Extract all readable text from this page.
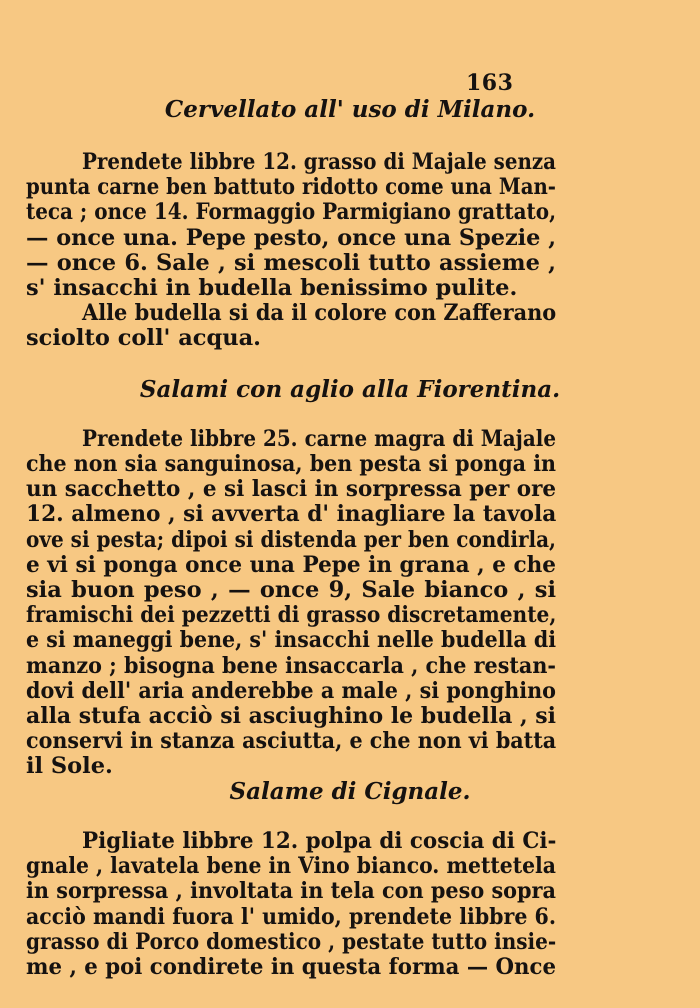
163
Cervellato all' uso di Milano.
Prendete libbre 12. grasso di Majale senza
punta carne ben battuto ridotto come una Man-
teca ; once 14. Formaggio Parmigiano grattato,
— once una. Pepe pesto, once una Spezie ,
— once 6. Sale , si mescoli tutto assieme ,
s' insacchi in budella benissimo pulite.
Alle budella si da il colore con Zafferano
sciolto coll' acqua.
Salami con aglio alla Fiorentina.
Prendete libbre 25. carne magra di Majale
che non sia sanguinosa, ben pesta si ponga in
un sacchetto , e si lasci in sorpressa per ore
12. almeno , si avverta d' inagliare la tavola
ove si pesta; dipoi si distenda per ben condirla,
e vi si ponga once una Pepe in grana , e che
sia buon peso , — once 9, Sale bianco , si
framischi dei pezzetti di grasso discretamente,
e si maneggi bene, s' insacchi nelle budella di
manzo ; bisogna bene insaccarla , che restan-
dovi dell' aria anderebbe a male , si ponghino
alla stufa acciò si asciughino le budella , si
conservi in stanza asciutta, e che non vi batta
il Sole.
Salame di Cignale.
Pigliate libbre 12. polpa di coscia di Ci-
gnale , lavatela bene in Vino bianco. mettetela
in sorpressa , involtata in tela con peso sopra
acciò mandi fuora l' umido, prendete libbre 6.
grasso di Porco domestico , pestate tutto insie-
me , e poi condirete in questa forma — Once
